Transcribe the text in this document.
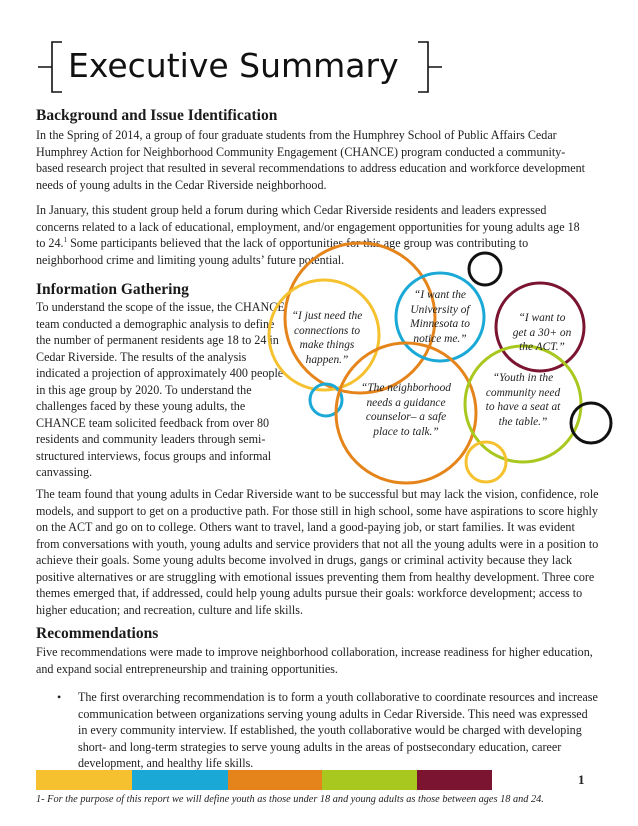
Executive Summary
Background and Issue Identification

In the Spring of 2014, a group of four graduate students from the Humphrey School of Public Affairs Cedar Humphrey Action for Neighborhood Community Engagement (CHANCE) program conducted a community-based research project that resulted in several recommendations to address education and workforce development needs of young adults in the Cedar Riverside neighborhood.

In January, this student group held a forum during which Cedar Riverside residents and leaders expressed concerns related to a lack of educational, employment, and/or engagement opportunities for young adults age 18 to 24.$^1$ Some participants believed that the lack of opportunities for this age group was contributing to neighborhood crime and limiting young adults’ future potential.

Information Gathering

To understand the scope of the issue, the CHANCE team conducted a demographic analysis to define the number of permanent residents age 18 to 24 in Cedar Riverside. The results of the analysis indicated a projection of approximately 400 people in this age group by 2020. To understand the challenges faced by these young adults, the CHANCE team solicited feedback from over 80 residents and community leaders through semi-structured interviews, focus groups and informal canvassing.

“I just need the connections to make things happen.”

“I want the University of Minnesota to notice me.”

“I want to get a 30+ on the ACT.”

“The neighborhood needs a guidance counselor– a safe place to talk.”

“Youth in the community need to have a seat at the table.”

The team found that young adults in Cedar Riverside want to be successful but may lack the vision, confidence, role models, and support to get on a productive path. For those still in high school, some have aspirations to score highly on the ACT and go on to college. Others want to travel, land a good-paying job, or start families. It was evident from conversations with youth, young adults and service providers that not all the young adults were in a position to achieve their goals. Some young adults become involved in drugs, gangs or criminal activity because they lack positive alternatives or are struggling with emotional issues preventing them from healthy development. Three core themes emerged that, if addressed, could help young adults pursue their goals: workforce development; access to higher education; and recreation, culture and life skills.

Recommendations

Five recommendations were made to improve neighborhood collaboration, increase readiness for higher education, and expand social entrepreneurship and training opportunities.

• The first overarching recommendation is to form a youth collaborative to coordinate resources and increase communication between organizations serving young adults in Cedar Riverside. This need was expressed in every community interview. If established, the youth collaborative would be charged with developing short- and long-term strategies to serve young adults in the areas of postsecondary education, career development, and healthy life skills.

1

1- For the purpose of this report we will define youth as those under 18 and young adults as those between ages 18 and 24.
